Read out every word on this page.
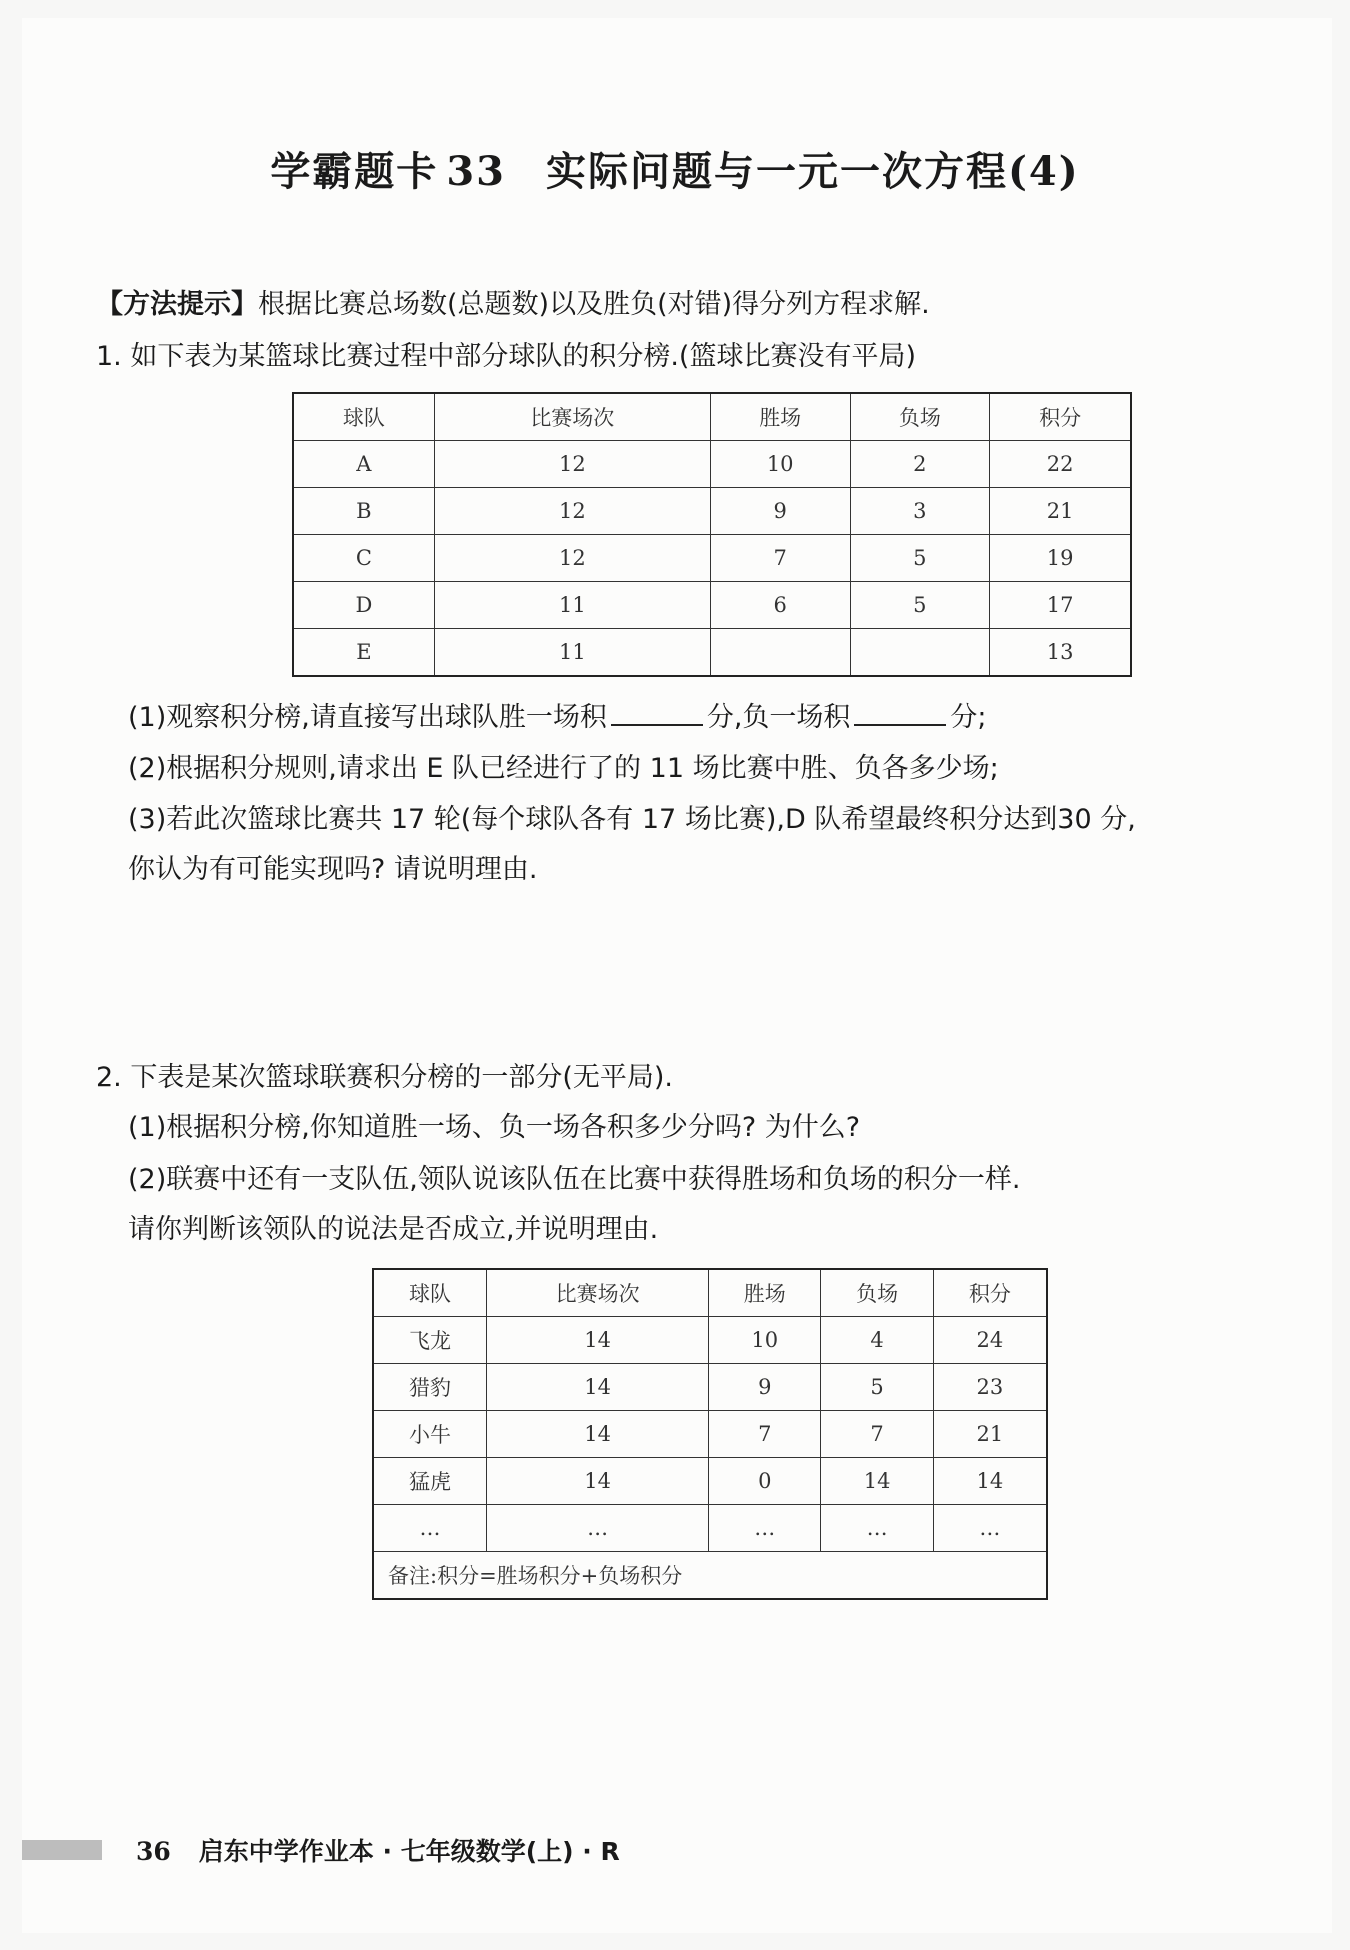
学霸题卡 33 实际问题与一元一次方程(4)
【方法提示】根据比赛总场数(总题数)以及胜负(对错)得分列方程求解.
1. 如下表为某篮球比赛过程中部分球队的积分榜.(篮球比赛没有平局)
球队	比赛场次	胜场	负场	积分
A	12	10	2	22
B	12	9	3	21
C	12	7	5	19
D	11	6	5	17
E	11			13
(1)观察积分榜,请直接写出球队胜一场积	分,负一场积	分;
(2)根据积分规则,请求出 E 队已经进行了的 11 场比赛中胜、负各多少场;
(3)若此次篮球比赛共 17 轮(每个球队各有 17 场比赛),D 队希望最终积分达到30 分,
你认为有可能实现吗? 请说明理由.
2. 下表是某次篮球联赛积分榜的一部分(无平局).
(1)根据积分榜,你知道胜一场、负一场各积多少分吗? 为什么?
(2)联赛中还有一支队伍,领队说该队伍在比赛中获得胜场和负场的积分一样.
请你判断该领队的说法是否成立,并说明理由.
球队	比赛场次	胜场	负场	积分
飞龙	14	10	4	24
猎豹	14	9	5	23
小牛	14	7	7	21
猛虎	14	0	14	14
…	…	…	…	…
备注:积分=胜场积分+负场积分				
36 启东中学作业本 · 七年级数学(上) · R
